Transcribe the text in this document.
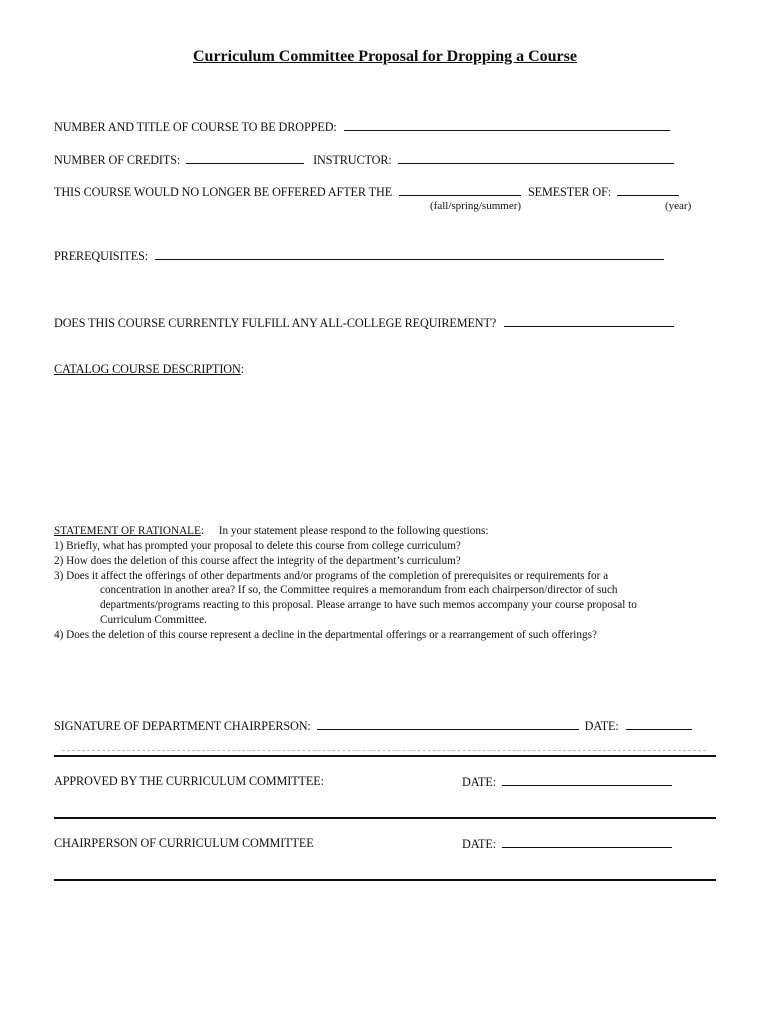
Curriculum Committee Proposal for Dropping a Course
NUMBER AND TITLE OF COURSE TO BE DROPPED:
NUMBER OF CREDITS:	INSTRUCTOR:
THIS COURSE WOULD NO LONGER BE OFFERED AFTER THE	SEMESTER OF:
(fall/spring/summer)	(year)
PREREQUISITES:
DOES THIS COURSE CURRENTLY FULFILL ANY ALL-COLLEGE REQUIREMENT?
CATALOG COURSE DESCRIPTION:
STATEMENT OF RATIONALE: In your statement please respond to the following questions:
1) Briefly, what has prompted your proposal to delete this course from college curriculum?
2) How does the deletion of this course affect the integrity of the department’s curriculum?
3) Does it affect the offerings of other departments and/or programs of the completion of prerequisites or requirements for a
concentration in another area? If so, the Committee requires a memorandum from each chairperson/director of such
departments/programs reacting to this proposal. Please arrange to have such memos accompany your course proposal to
Curriculum Committee.
4) Does the deletion of this course represent a decline in the departmental offerings or a rearrangement of such offerings?
SIGNATURE OF DEPARTMENT CHAIRPERSON:	DATE:
APPROVED BY THE CURRICULUM COMMITTEE:	DATE:
CHAIRPERSON OF CURRICULUM COMMITTEE	DATE:
